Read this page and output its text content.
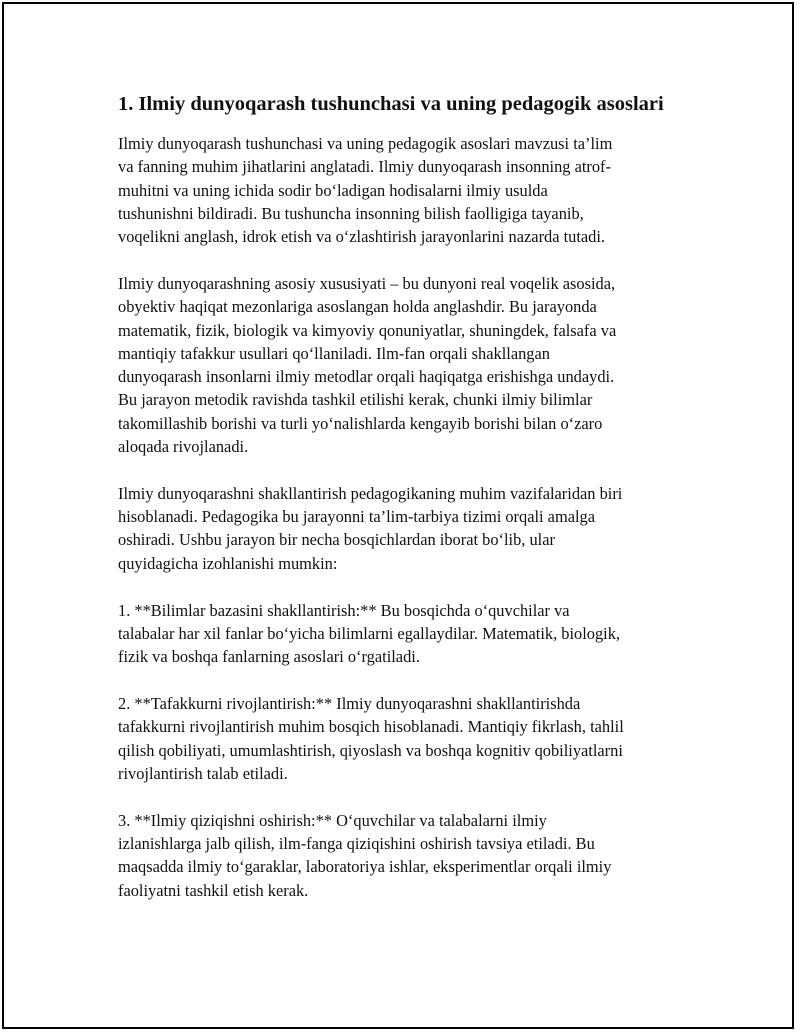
1. Ilmiy dunyoqarash tushunchasi va uning pedagogik asoslari

Ilmiy dunyoqarash tushunchasi va uning pedagogik asoslari mavzusi ta’lim
va fanning muhim jihatlarini anglatadi. Ilmiy dunyoqarash insonning atrof-
muhitni va uning ichida sodir bo‘ladigan hodisalarni ilmiy usulda
tushunishni bildiradi. Bu tushuncha insonning bilish faolligiga tayanib,
voqelikni anglash, idrok etish va o‘zlashtirish jarayonlarini nazarda tutadi.

Ilmiy dunyoqarashning asosiy xususiyati – bu dunyoni real voqelik asosida,
obyektiv haqiqat mezonlariga asoslangan holda anglashdir. Bu jarayonda
matematik, fizik, biologik va kimyoviy qonuniyatlar, shuningdek, falsafa va
mantiqiy tafakkur usullari qo‘llaniladi. Ilm-fan orqali shakllangan
dunyoqarash insonlarni ilmiy metodlar orqali haqiqatga erishishga undaydi.
Bu jarayon metodik ravishda tashkil etilishi kerak, chunki ilmiy bilimlar
takomillashib borishi va turli yo‘nalishlarda kengayib borishi bilan o‘zaro
aloqada rivojlanadi.

Ilmiy dunyoqarashni shakllantirish pedagogikaning muhim vazifalaridan biri
hisoblanadi. Pedagogika bu jarayonni ta’lim-tarbiya tizimi orqali amalga
oshiradi. Ushbu jarayon bir necha bosqichlardan iborat bo‘lib, ular
quyidagicha izohlanishi mumkin:

1. **Bilimlar bazasini shakllantirish:** Bu bosqichda o‘quvchilar va
talabalar har xil fanlar bo‘yicha bilimlarni egallaydilar. Matematik, biologik,
fizik va boshqa fanlarning asoslari o‘rgatiladi.

2. **Tafakkurni rivojlantirish:** Ilmiy dunyoqarashni shakllantirishda
tafakkurni rivojlantirish muhim bosqich hisoblanadi. Mantiqiy fikrlash, tahlil
qilish qobiliyati, umumlashtirish, qiyoslash va boshqa kognitiv qobiliyatlarni
rivojlantirish talab etiladi.

3. **Ilmiy qiziqishni oshirish:** O‘quvchilar va talabalarni ilmiy
izlanishlarga jalb qilish, ilm-fanga qiziqishini oshirish tavsiya etiladi. Bu
maqsadda ilmiy to‘garaklar, laboratoriya ishlar, eksperimentlar orqali ilmiy
faoliyatni tashkil etish kerak.
